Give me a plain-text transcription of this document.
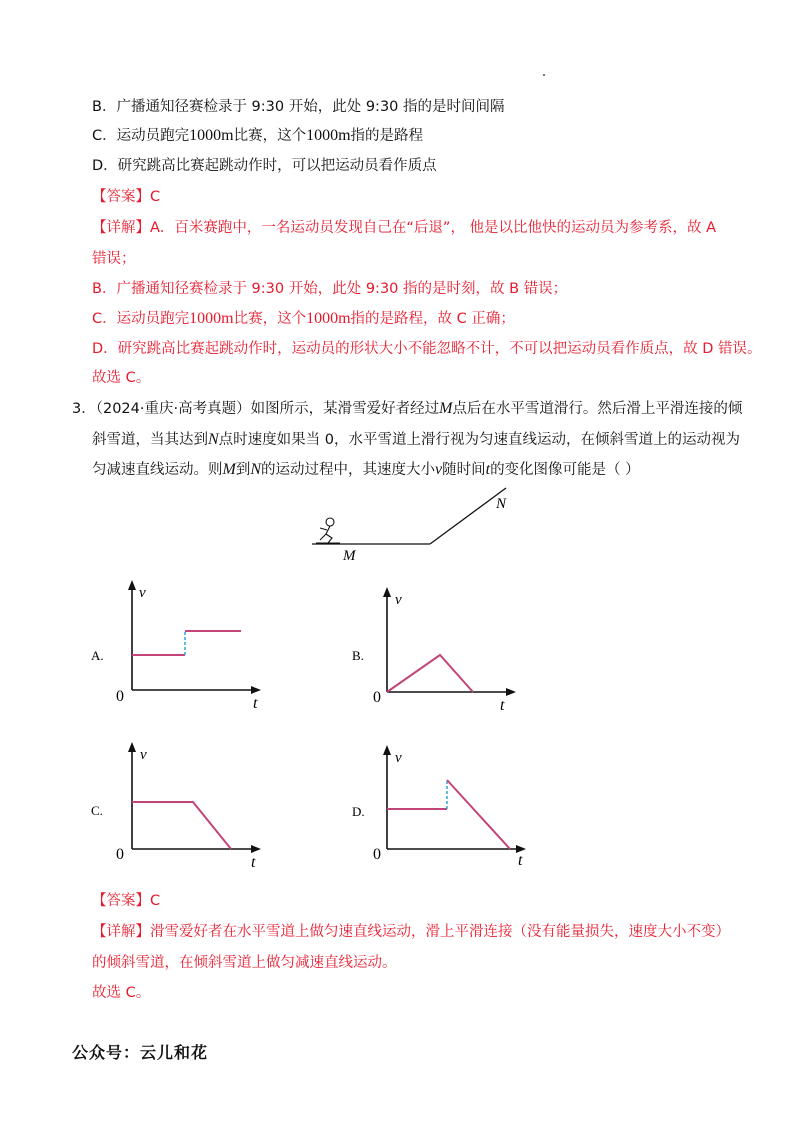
B．广播通知径赛检录于 9:30 开始，此处 9:30 指的是时间间隔
C．运动员跑完1000m比赛，这个1000m指的是路程
D．研究跳高比赛起跳动作时，可以把运动员看作质点
【答案】C
【详解】A．百米赛跑中，一名运动员发现自己在“后退”， 他是以比他快的运动员为参考系，故 A
错误；
B．广播通知径赛检录于 9:30 开始，此处 9:30 指的是时刻，故 B 错误；
C．运动员跑完1000m比赛，这个1000m指的是路程，故 C 正确；
D．研究跳高比赛起跳动作时，运动员的形状大小不能忽略不计，不可以把运动员看作质点，故 D 错误。
故选 C。
3．（2024·重庆·高考真题）如图所示，某滑雪爱好者经过M点后在水平雪道滑行。然后滑上平滑连接的倾
斜雪道，当其达到N点时速度如果当 0，水平雪道上滑行视为匀速直线运动，在倾斜雪道上的运动视为
匀减速直线运动。则M到N的运动过程中，其速度大小v随时间t的变化图像可能是（ ）
M
N
v
t
0
A.
v
t
0
B.
v
t
0
C.
v
t
0
D.
【答案】C
【详解】滑雪爱好者在水平雪道上做匀速直线运动，滑上平滑连接（没有能量损失，速度大小不变）
的倾斜雪道，在倾斜雪道上做匀减速直线运动。
故选 C。
公众号：云儿和花
